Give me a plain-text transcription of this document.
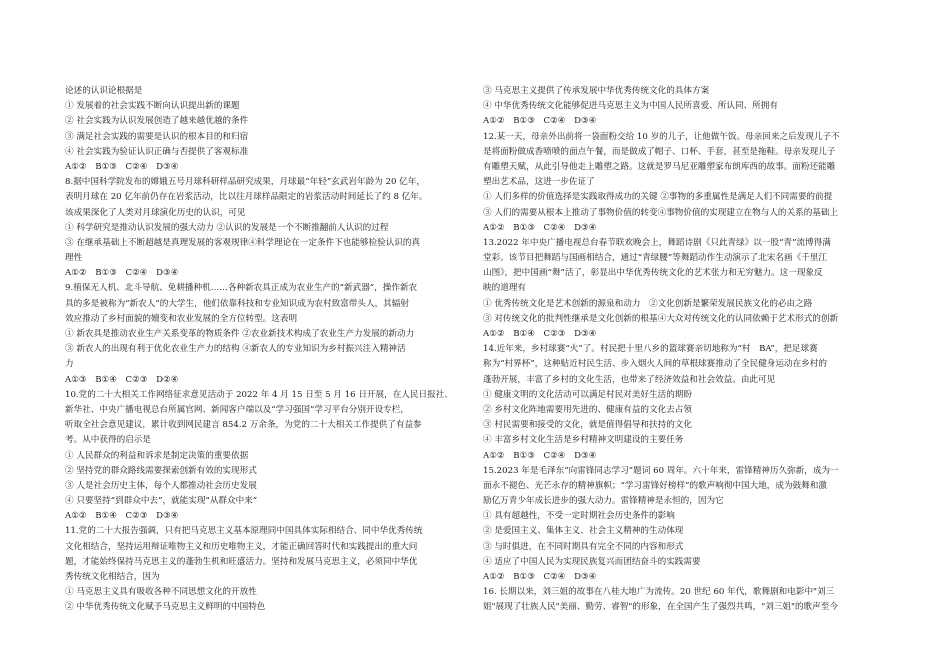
论述的认识论根据是
① 发展着的社会实践不断向认识提出新的课题
② 社会实践为认识发展创造了越来越优越的条件
③ 满足社会实践的需要是认识的根本目的和归宿
④ 社会实践为验证认识正确与否提供了客观标准
A①②　B①③　C②④　D③④
8.据中国科学院发布的嫦娥五号月球科研样品研究成果，月球最“年轻”玄武岩年龄为 20 亿年，
表明月球在 20 亿年前仍存在岩浆活动，比以往月球样品限定的岩浆活动时间延长了约 8 亿年。
该成果深化了人类对月球演化历史的认识，可见
① 科学研究是推动认识发展的强大动力 ②认识的发展是一个不断推翻前人认识的过程
③ 在继承基础上不断超越是真理发展的客观规律④科学理论在一定条件下也能够检验认识的真
理性
A①②　B①③　C②④　D③④
9.植保无人机、北斗导航、免耕播种机……各种新农具正成为农业生产的“新武器”，操作新农
具的多是被称为“新农人”的大学生，他们依靠科技和专业知识成为农村致富带头人，其辐射
效应推动了乡村面貌的嬗变和农业发展的全方位转型。这表明
① 新农具是推动农业生产关系变革的物质条件 ②农业新技术构成了农业生产力发展的新动力
③ 新农人的出现有利于优化农业生产力的结构 ④新农人的专业知识为乡村振兴注入精神活
力
A①③　B①④　C②③　D②④
10.党的二十大相关工作网络征求意见活动于 2022 年 4 月 15 日至 5 月 16 日开展，在人民日报社、
新华社、中央广播电视总台所属官网、新闻客户端以及“学习强国”学习平台分别开设专栏，
听取全社会意见建议，累计收到网民建言 854.2 万余条，为党的二十大相关工作提供了有益参
考。从中获得的启示是
① 人民群众的利益和诉求是制定决策的重要依据
② 坚持党的群众路线需要探索创新有效的实现形式
③ 人是社会历史主体，每个人都推动社会历史发展
④ 只要坚持“到群众中去”，就能实现“从群众中来”
A①②　B①④　C②③　D③④
11.党的二十大报告强调，只有把马克思主义基本原理同中国具体实际相结合、同中华优秀传统
文化相结合，坚持运用辩证唯物主义和历史唯物主义，才能正确回答时代和实践提出的重大问
题，才能始终保持马克思主义的蓬勃生机和旺盛活力。坚持和发展马克思主义，必须同中华优
秀传统文化相结合，因为
① 马克思主义具有吸收各种不同思想文化的开放性
② 中华优秀传统文化赋予马克思主义鲜明的中国特色
③ 马克思主义提供了传承发展中华优秀传统文化的具体方案
④ 中华优秀传统文化能够促进马克思主义为中国人民所喜爱、所认同、所拥有
A①②　B①③　C②④　D③④
12.某一天，母亲外出前将一袋面粉交给 10 岁的儿子，让他做午饭。母亲回来之后发现儿子不
是将面粉做成香喷喷的面点午餐，而是做成了帽子、口杯、手套，甚至是拖鞋。母亲发现儿子
有雕塑天赋，从此引导他走上雕塑之路。这就是罗马尼亚雕塑家布朗库西的故事。面粉还能雕
塑出艺术品，这进一步佐证了
① 人们多样的价值选择是实践取得成功的关键 ②事物的多重属性是满足人们不同需要的前提
③ 人们的需要从根本上推动了事物价值的转变④事物价值的实现建立在物与人的关系的基础上
A①②　B①③　C②④　D③④
13.2022 年中央广播电视总台春节联欢晚会上，舞蹈诗剧《只此青绿》以一股“青”流博得满
堂彩。该节目把舞蹈与国画相结合，通过“青绿腰”等舞蹈动作生动演示了北宋名画《千里江
山图》，把中国画“舞”活了，彰显出中华优秀传统文化的艺术张力和无穷魅力。这一现象反
映的道理有
① 优秀传统文化是艺术创新的源泉和动力　②文化创新是繁荣发展民族文化的必由之路
③ 对传统文化的批判性继承是文化创新的根基④大众对传统文化的认同依赖于艺术形式的创新
A①②　B①④　C②③　D③④
14.近年来，乡村球赛“火”了。村民把十里八乡的篮球赛亲切地称为“村　BA”，把足球赛
称为“村界杯”，这种贴近村民生活、步入烟火人间的草根球赛推动了全民健身运动在乡村的
蓬勃开展，丰富了乡村的文化生活，也带来了经济效益和社会效益。由此可见
① 健康文明的文化活动可以满足村民对美好生活的期盼
② 乡村文化阵地需要用先进的、健康有益的文化去占领
③ 村民需要和接受的文化，就是值得倡导和扶持的文化
④ 丰富乡村文化生活是乡村精神文明建设的主要任务
A①②　B①③　C②④　D③④
15.2023 年是毛泽东“向雷锋同志学习”题词 60 周年。六十年来，雷锋精神历久弥新，成为一
面永不褪色、光芒永存的精神旗帜；“学习雷锋好榜样”的歌声响彻中国大地，成为鼓舞和激
励亿万青少年成长进步的强大动力。雷锋精神是永恒的，因为它
① 具有超越性，不受一定时期社会历史条件的影响
② 是爱国主义、集体主义、社会主义精神的生动体现
③ 与时俱进，在不同时期具有完全不同的内容和形式
④ 适应了中国人民为实现民族复兴而团结奋斗的实践需要
A①②　B①③　C②④　D③④
16. 长期以来，刘三姐的故事在八桂大地广为流传。20 世纪 60 年代，歌舞剧和电影中"刘三
姐"展现了壮族人民"美丽、勤劳、睿智"的形象，在全国产生了强烈共鸣，"刘三姐"的歌声至今
